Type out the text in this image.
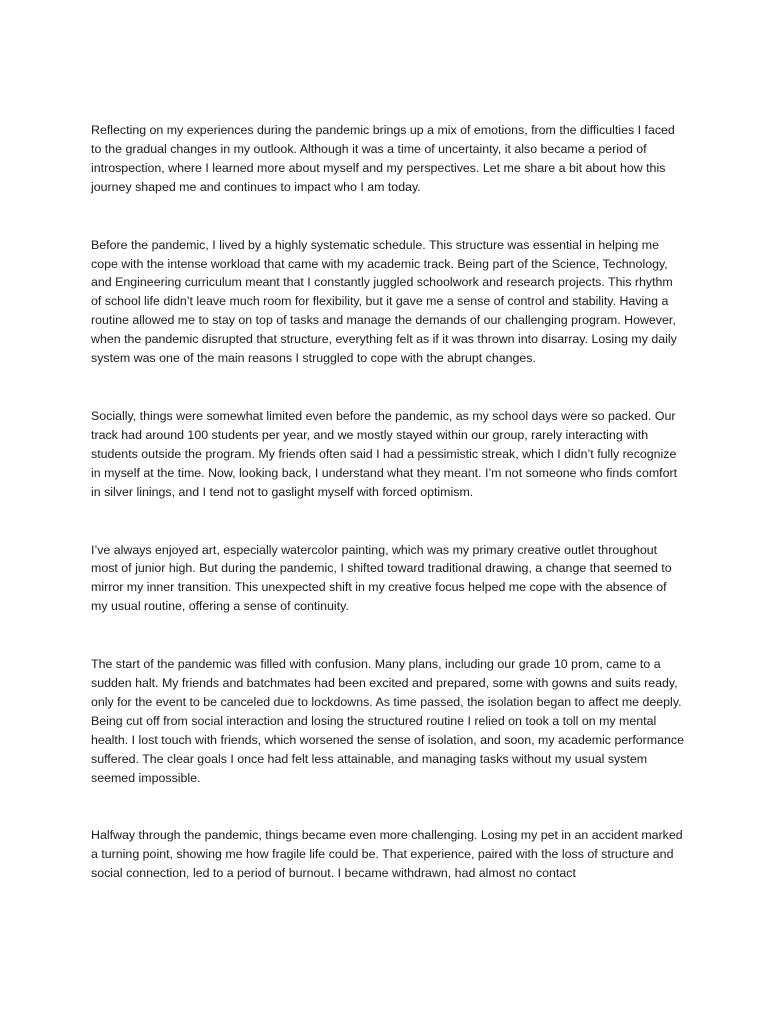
Reflecting on my experiences during the pandemic brings up a mix of emotions, from the difficulties I faced to the gradual changes in my outlook. Although it was a time of uncertainty, it also became a period of introspection, where I learned more about myself and my perspectives. Let me share a bit about how this journey shaped me and continues to impact who I am today.

Before the pandemic, I lived by a highly systematic schedule. This structure was essential in helping me cope with the intense workload that came with my academic track. Being part of the Science, Technology, and Engineering curriculum meant that I constantly juggled schoolwork and research projects. This rhythm of school life didn’t leave much room for flexibility, but it gave me a sense of control and stability. Having a routine allowed me to stay on top of tasks and manage the demands of our challenging program. However, when the pandemic disrupted that structure, everything felt as if it was thrown into disarray. Losing my daily system was one of the main reasons I struggled to cope with the abrupt changes.

Socially, things were somewhat limited even before the pandemic, as my school days were so packed. Our track had around 100 students per year, and we mostly stayed within our group, rarely interacting with students outside the program. My friends often said I had a pessimistic streak, which I didn’t fully recognize in myself at the time. Now, looking back, I understand what they meant. I’m not someone who finds comfort in silver linings, and I tend not to gaslight myself with forced optimism.

I’ve always enjoyed art, especially watercolor painting, which was my primary creative outlet throughout most of junior high. But during the pandemic, I shifted toward traditional drawing, a change that seemed to mirror my inner transition. This unexpected shift in my creative focus helped me cope with the absence of my usual routine, offering a sense of continuity.

The start of the pandemic was filled with confusion. Many plans, including our grade 10 prom, came to a sudden halt. My friends and batchmates had been excited and prepared, some with gowns and suits ready, only for the event to be canceled due to lockdowns. As time passed, the isolation began to affect me deeply. Being cut off from social interaction and losing the structured routine I relied on took a toll on my mental health. I lost touch with friends, which worsened the sense of isolation, and soon, my academic performance suffered. The clear goals I once had felt less attainable, and managing tasks without my usual system seemed impossible.

Halfway through the pandemic, things became even more challenging. Losing my pet in an accident marked a turning point, showing me how fragile life could be. That experience, paired with the loss of structure and social connection, led to a period of burnout. I became withdrawn, had almost no contact
